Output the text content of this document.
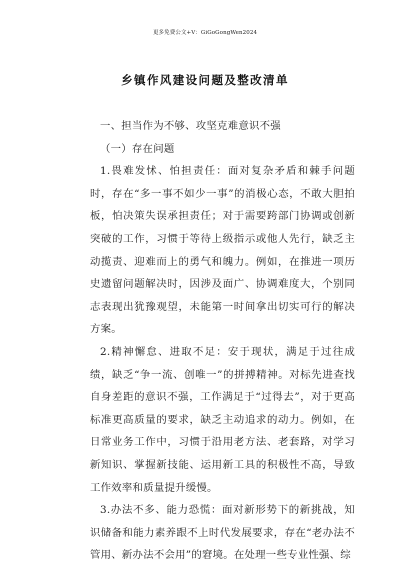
更多免费公文+V：GiGoGongWen2024
乡镇作风建设问题及整改清单

一、担当作为不够、攻坚克难意识不强

（一）存在问题

1.畏难发怵、怕担责任：面对复杂矛盾和棘手问题时，存在“多一事不如少一事”的消极心态，不敢大胆拍板，怕决策失误承担责任；对于需要跨部门协调或创新突破的工作，习惯于等待上级指示或他人先行，缺乏主动揽责、迎难而上的勇气和魄力。例如，在推进一项历史遗留问题解决时，因涉及面广、协调难度大，个别同志表现出犹豫观望，未能第一时间拿出切实可行的解决方案。

2.精神懈怠、进取不足：安于现状，满足于过往成绩，缺乏“争一流、创唯一”的拼搏精神。对标先进查找自身差距的意识不强，工作满足于“过得去”，对于更高标准更高质量的要求，缺乏主动追求的动力。例如，在日常业务工作中，习惯于沿用老方法、老套路，对学习新知识、掌握新技能、运用新工具的积极性不高，导致工作效率和质量提升缓慢。

3.办法不多、能力恐慌：面对新形势下的新挑战，知识储备和能力素养跟不上时代发展要求，存在“老办法不管用、新办法不会用”的窘境。在处理一些专业性强、综
